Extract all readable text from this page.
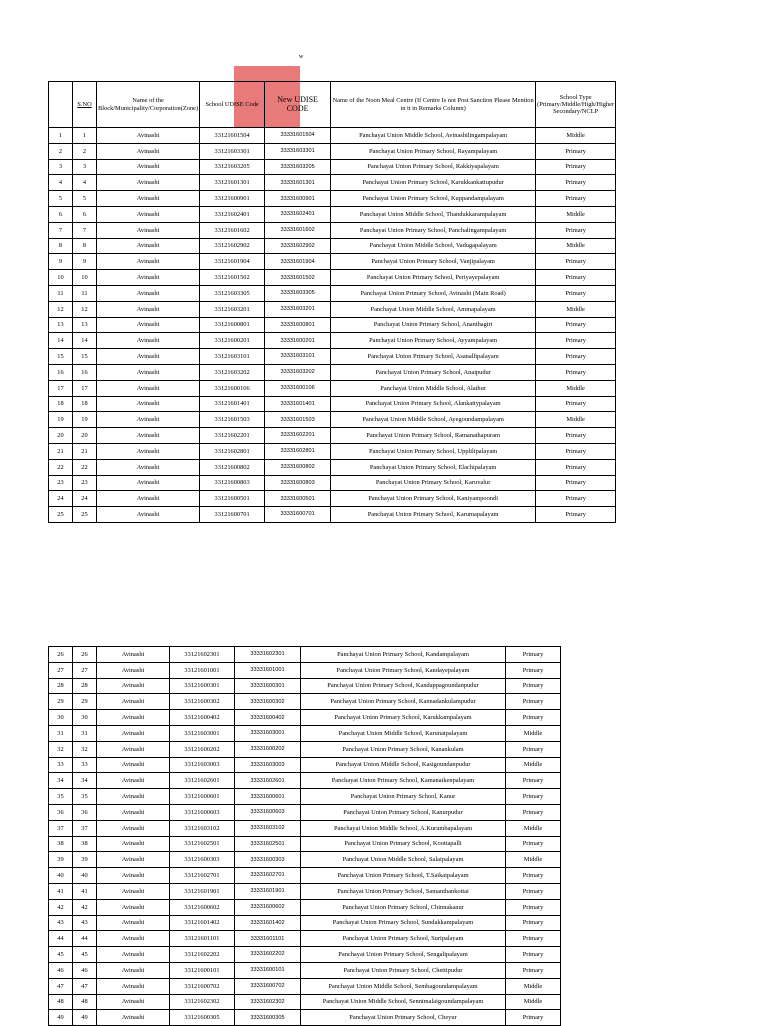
w
	S.NO	Name of the Block/Municipality/Corporation(Zone)	School UDISE Code	New UDISE CODE	Name of the Noon Meal Centre (If Centre Is not Post Sanction Please Mention in it in Remarks Column)	School Type (Primary/Middle/High/Higher Secondary/NCLP
1	1	Avinashi	33121601504	33331601504	Panchayat Union Middle School, Avinashilingampalayam	Middle
2	2	Avinashi	33121603301	33331603301	Panchayat Union Primary School, Rayampalayam	Primary
3	3	Avinashi	33121603205	33331603205	Panchayat Union Primary School, Rakkiyapalayam	Primary
4	4	Avinashi	33121601301	33331601301	Panchayat Union Primary School, Karukkankattupudur	Primary
5	5	Avinashi	33121600901	33331600901	Panchayat Union Primary School, Kuppandampalayam	Primary
6	6	Avinashi	33121602401	33331602401	Panchayat Union Middle School, Thandukkarampalayam	Middle
7	7	Avinashi	33121601602	33331601602	Panchayat Union Primary School, Panchalingampalayam	Primary
8	8	Avinashi	33121602902	33331602902	Panchayat Union Middle School, Vadugapalayam	Middle
9	9	Avinashi	33121601904	33331601904	Panchayat Union Primary School, Vanjipalayam	Primary
10	10	Avinashi	33121601502	33331601502	Panchayat Union Primary School, Periyayepalayam	Primary
11	11	Avinashi	33121603305	33331603305	Panchayat Union Primary School, Avinashi (Main Road)	Primary
12	12	Avinashi	33121603201	33331603201	Panchayat Union Middle School, Ammapalayam	Middle
13	13	Avinashi	33121600801	33331600801	Panchayat Union Primary School, Ananthagiri	Primary
14	14	Avinashi	33121600201	33331600201	Panchayat Union Primary School, Ayyampalayam	Primary
15	15	Avinashi	33121603101	33331603101	Panchayat Union Primary School, Asanallipalayam	Primary
16	16	Avinashi	33121603202	33331603202	Panchayat Union Primary School, Anaipudur	Primary
17	17	Avinashi	33121600106	33331600106	Panchayat Union Middle School, Alathur	Middle
18	18	Avinashi	33121601401	33331601401	Panchayat Union Primary School, Alankattypalayam	Primary
19	19	Avinashi	33121601503	33331601503	Panchayat Union Middle School, Ayegoundampalayam	Middle
20	20	Avinashi	33121602201	33331602201	Panchayat Union Primary School, Ramanathapuram	Primary
21	21	Avinashi	33121602801	33331602801	Panchayat Union Primary School, Upplilipalayam	Primary
22	22	Avinashi	33121600802	33331600802	Panchayat Union Primary School, Elachipalayam	Primary
23	23	Avinashi	33121600803	33331600803	Panchayat Union Primary School, Karuvalur	Primary
24	24	Avinashi	33121600501	33331600501	Panchayat Union Primary School, Kaniyampoondi	Primary
25	25	Avinashi	33121600701	33331600701	Panchayat Union Primary School, Karumapalayam	Primary
26	26	Avinashi	33121602301	33331602301	Panchayat Union Primary School, Kandampalayam	Primary
27	27	Avinashi	33121601001	33331601001	Panchayat Union Primary School, Kandayepalayam	Primary
28	28	Avinashi	33121600301	33331600301	Panchayat Union Primary School, Kandappagoundanpudur	Primary
29	29	Avinashi	33121600302	33331600302	Panchayat Union Primary School, Kannadankulampudur	Primary
30	30	Avinashi	33121600402	33331600402	Panchayat Union Primary School, Karukkampalayam	Primary
31	31	Avinashi	33121603001	33331603001	Panchayat Union Middle School, Karunaipalayam	Middle
32	32	Avinashi	33121600202	33331600202	Panchayat Union Primary School, Kanankulam	Primary
33	33	Avinashi	33121603003	33331603003	Panchayat Union Middle School, Kasigoundanpudur	Middle
34	34	Avinashi	33121602601	33331602601	Panchayat Union Primary School, Kamanaikenpalayam	Primary
35	35	Avinashi	33121600601	33331600601	Panchayat Union Primary School, Kanur	Primary
36	36	Avinashi	33121600603	33331600603	Panchayat Union Primary School, Kanurpudur	Primary
37	37	Avinashi	33121603102	33331603102	Panchayat Union Middle School, A.Kurumbapalayam	Middle
38	38	Avinashi	33121602501	33331602501	Panchayat Union Primary School, Koottapalli	Primary
39	39	Avinashi	33121600303	33331600303	Panchayat Union Middle School, Salaipalayam	Middle
40	40	Avinashi	33121602701	33331602701	Panchayat Union Primary School, T.Saikaipalayam	Primary
41	41	Avinashi	33121601901	33331601901	Panchayat Union Primary School, Samanthankottai	Primary
42	42	Avinashi	33121600602	33331600602	Panchayat Union Primary School, Chinnakanur	Primary
43	43	Avinashi	33121601402	33331601402	Panchayat Union Primary School, Sundakkampalayam	Primary
44	44	Avinashi	33121601101	33331601101	Panchayat Union Primary School, Suripalayam	Primary
45	45	Avinashi	33121602202	33331602202	Panchayat Union Primary School, Sengalipalayam	Primary
46	46	Avinashi	33121600101	33331600101	Panchayat Union Primary School, Chettipudur	Primary
47	47	Avinashi	33121600702	33331600702	Panchayat Union Middle School, Sembagoundampalayam	Middle
48	48	Avinashi	33121602302	33331602302	Panchayat Union Middle School, Sennimalaigoundampalayam	Middle
49	49	Avinashi	33121600305	33331600305	Panchayat Union Primary School, Cheyur	Primary
